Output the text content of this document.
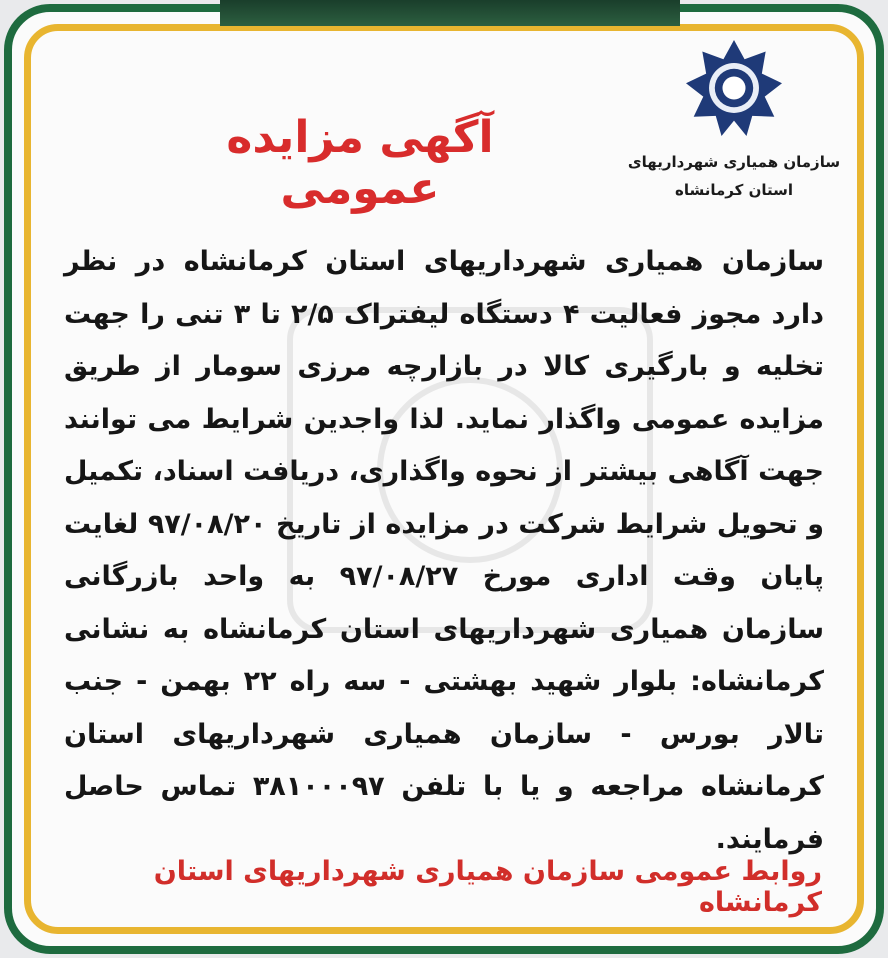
سازمان همیاری شهرداریهای
استان کرمانشاه
آگهی مزایده عمومی
سازمان همیاری شهرداریهای استان کرمانشاه در نظر دارد مجوز فعالیت ۴ دستگاه لیفتراک ۲/۵ تا ۳ تنی را جهت تخلیه و بارگیری کالا در بازارچه مرزی سومار از طریق مزایده عمومی واگذار نماید. لذا واجدین شرایط می توانند جهت آگاهی بیشتر از نحوه واگذاری، دریافت اسناد، تکمیل و تحویل شرایط شرکت در مزایده از تاریخ ۹۷/۰۸/۲۰ لغایت پایان وقت اداری مورخ ۹۷/۰۸/۲۷ به واحد بازرگانی سازمان همیاری شهرداریهای استان کرمانشاه به نشانی کرمانشاه: بلوار شهید بهشتی - سه راه ۲۲ بهمن - جنب تالار بورس - سازمان همیاری شهرداریهای استان کرمانشاه مراجعه و یا با تلفن ۳۸۱۰۰۰۹۷ تماس حاصل فرمایند.
روابط عمومی سازمان همیاری شهرداریهای استان کرمانشاه
